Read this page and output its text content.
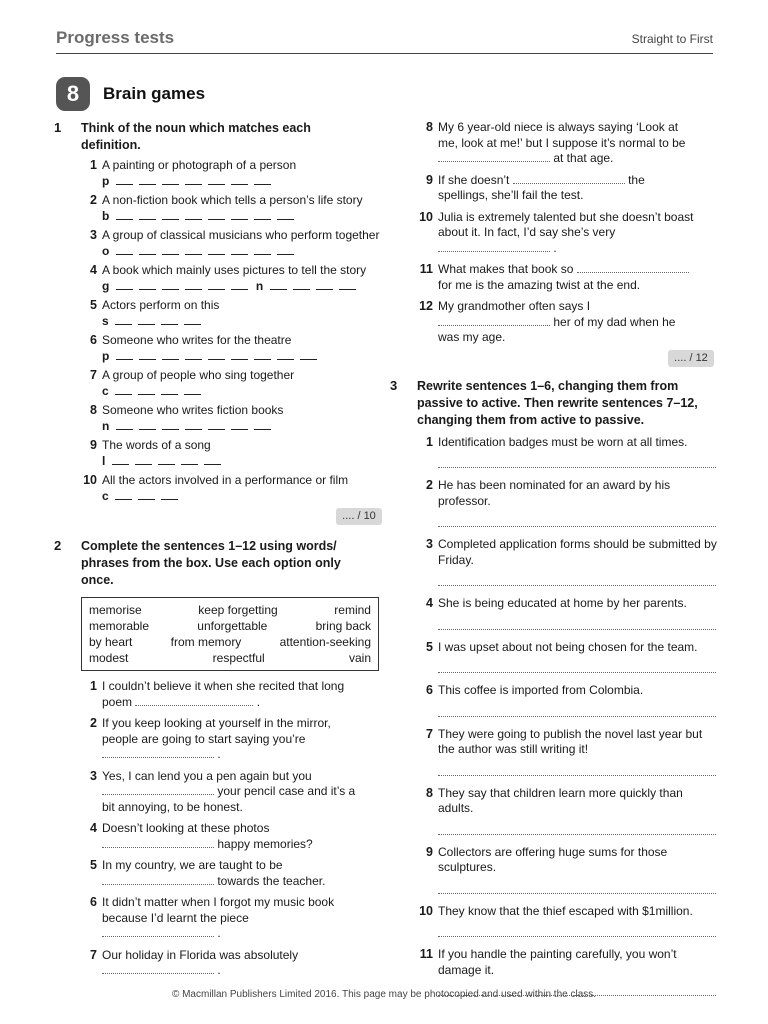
Progress tests	Straight to First
8	Brain games
1 Think of the noun which matches each definition.
1 A painting or photograph of a person
p
2 A non-fiction book which tells a person’s life story
b
3 A group of classical musicians who perform together
o
4 A book which mainly uses pictures to tell the story
g	n
5 Actors perform on this
s
6 Someone who writes for the theatre
p
7 A group of people who sing together
c
8 Someone who writes fiction books
n
9 The words of a song
l
10 All the actors involved in a performance or film
c
.... / 10
2 Complete the sentences 1–12 using words/ phrases from the box. Use each option only once.
memorise	keep forgetting	remind
memorable	unforgettable	bring back
by heart	from memory	attention-seeking
modest	respectful	vain
1 I couldn’t believe it when she recited that long poem	.
2 If you keep looking at yourself in the mirror, people are going to start saying you’re  .
3 Yes, I can lend you a pen again but you  your pencil case and it’s a bit annoying, to be honest.
4 Doesn’t looking at these photos  happy memories?
5 In my country, we are taught to be  towards the teacher.
6 It didn’t matter when I forgot my music book because I’d learnt the piece  .
7 Our holiday in Florida was absolutely  .
8 My 6 year-old niece is always saying ‘Look at me, look at me!’ but I suppose it’s normal to be  at that age.
9 If she doesn’t	the spellings, she’ll fail the test.
10 Julia is extremely talented but she doesn’t boast about it. In fact, I’d say she’s very  .
11 What makes that book so  for me is the amazing twist at the end.
12 My grandmother often says I  her of my dad when he was my age.
.... / 12
3 Rewrite sentences 1–6, changing them from passive to active. Then rewrite sentences 7–12, changing them from active to passive.
1 Identification badges must be worn at all times.
2 He has been nominated for an award by his professor.
3 Completed application forms should be submitted by Friday.
4 She is being educated at home by her parents.
5 I was upset about not being chosen for the team.
6 This coffee is imported from Colombia.
7 They were going to publish the novel last year but the author was still writing it!
8 They say that children learn more quickly than adults.
9 Collectors are offering huge sums for those sculptures.
10 They know that the thief escaped with $1million.
11 If you handle the painting carefully, you won’t damage it.
© Macmillan Publishers Limited 2016. This page may be photocopied and used within the class.
